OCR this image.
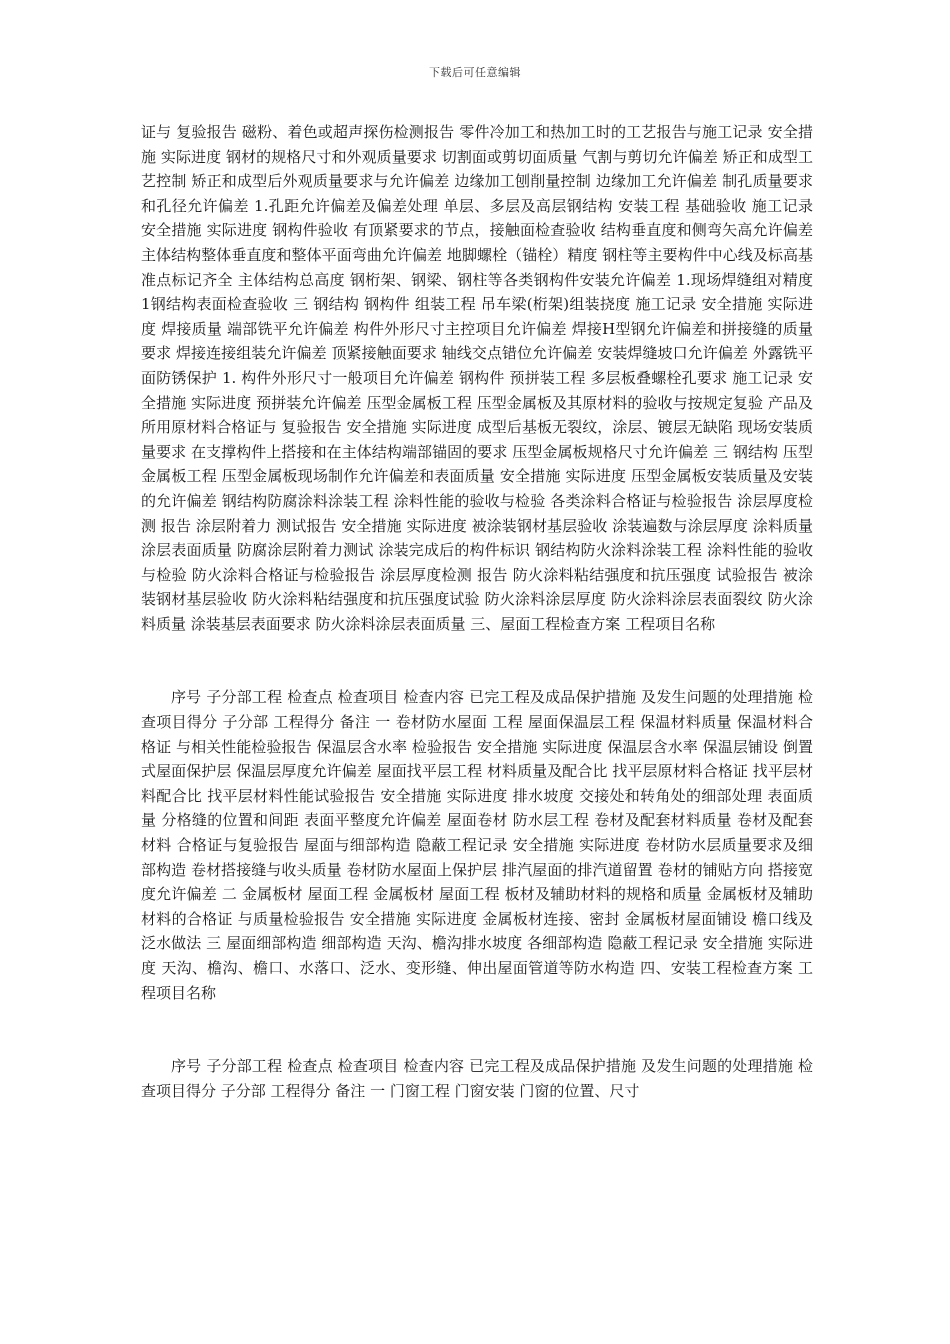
下载后可任意编辑

证与 复验报告 磁粉、着色或超声探伤检测报告 零件冷加工和热加工时的工艺报告与施工记录 安全措施 实际进度 钢材的规格尺寸和外观质量要求 切割面或剪切面质量 气割与剪切允许偏差 矫正和成型工艺控制 矫正和成型后外观质量要求与允许偏差 边缘加工刨削量控制 边缘加工允许偏差 制孔质量要求和孔径允许偏差 1.孔距允许偏差及偏差处理 单层、多层及高层钢结构 安装工程 基础验收 施工记录 安全措施 实际进度 钢构件验收 有顶紧要求的节点，接触面检查验收 结构垂直度和侧弯矢高允许偏差 主体结构整体垂直度和整体平面弯曲允许偏差 地脚螺栓（锚栓）精度 钢柱等主要构件中心线及标高基准点标记齐全 主体结构总高度 钢桁架、钢梁、钢柱等各类钢构件安装允许偏差 1.现场焊缝组对精度 1钢结构表面检查验收 三 钢结构 钢构件 组装工程 吊车梁(桁架)组装挠度 施工记录 安全措施 实际进度 焊接质量 端部铣平允许偏差 构件外形尺寸主控项目允许偏差 焊接H型钢允许偏差和拼接缝的质量要求 焊接连接组装允许偏差 顶紧接触面要求 轴线交点错位允许偏差 安装焊缝坡口允许偏差 外露铣平面防锈保护 1. 构件外形尺寸一般项目允许偏差 钢构件 预拼装工程 多层板叠螺栓孔要求 施工记录 安全措施 实际进度 预拼装允许偏差 压型金属板工程 压型金属板及其原材料的验收与按规定复验 产品及所用原材料合格证与 复验报告 安全措施 实际进度 成型后基板无裂纹，涂层、镀层无缺陷 现场安装质量要求 在支撑构件上搭接和在主体结构端部锚固的要求 压型金属板规格尺寸允许偏差 三 钢结构 压型金属板工程 压型金属板现场制作允许偏差和表面质量 安全措施 实际进度 压型金属板安装质量及安装的允许偏差 钢结构防腐涂料涂装工程 涂料性能的验收与检验 各类涂料合格证与检验报告 涂层厚度检测 报告 涂层附着力 测试报告 安全措施 实际进度 被涂装钢材基层验收 涂装遍数与涂层厚度 涂料质量 涂层表面质量 防腐涂层附着力测试 涂装完成后的构件标识 钢结构防火涂料涂装工程 涂料性能的验收与检验 防火涂料合格证与检验报告 涂层厚度检测 报告 防火涂料粘结强度和抗压强度 试验报告 被涂装钢材基层验收 防火涂料粘结强度和抗压强度试验 防火涂料涂层厚度 防火涂料涂层表面裂纹 防火涂料质量 涂装基层表面要求 防火涂料涂层表面质量 三、屋面工程检查方案 工程项目名称

序号 子分部工程 检查点 检查项目 检查内容 已完工程及成品保护措施 及发生问题的处理措施 检查项目得分 子分部 工程得分 备注 一 卷材防水屋面 工程 屋面保温层工程 保温材料质量 保温材料合格证 与相关性能检验报告 保温层含水率 检验报告 安全措施 实际进度 保温层含水率 保温层铺设 倒置式屋面保护层 保温层厚度允许偏差 屋面找平层工程 材料质量及配合比 找平层原材料合格证 找平层材料配合比 找平层材料性能试验报告 安全措施 实际进度 排水坡度 交接处和转角处的细部处理 表面质量 分格缝的位置和间距 表面平整度允许偏差 屋面卷材 防水层工程 卷材及配套材料质量 卷材及配套材料 合格证与复验报告 屋面与细部构造 隐蔽工程记录 安全措施 实际进度 卷材防水层质量要求及细部构造 卷材搭接缝与收头质量 卷材防水屋面上保护层 排汽屋面的排汽道留置 卷材的铺贴方向 搭接宽度允许偏差 二 金属板材 屋面工程 金属板材 屋面工程 板材及辅助材料的规格和质量 金属板材及辅助材料的合格证 与质量检验报告 安全措施 实际进度 金属板材连接、密封 金属板材屋面铺设 檐口线及泛水做法 三 屋面细部构造 细部构造 天沟、檐沟排水坡度 各细部构造 隐蔽工程记录 安全措施 实际进度 天沟、檐沟、檐口、水落口、泛水、变形缝、伸出屋面管道等防水构造 四、安装工程检查方案 工程项目名称

序号 子分部工程 检查点 检查项目 检查内容 已完工程及成品保护措施 及发生问题的处理措施 检查项目得分 子分部 工程得分 备注 一 门窗工程 门窗安装 门窗的位置、尺寸
